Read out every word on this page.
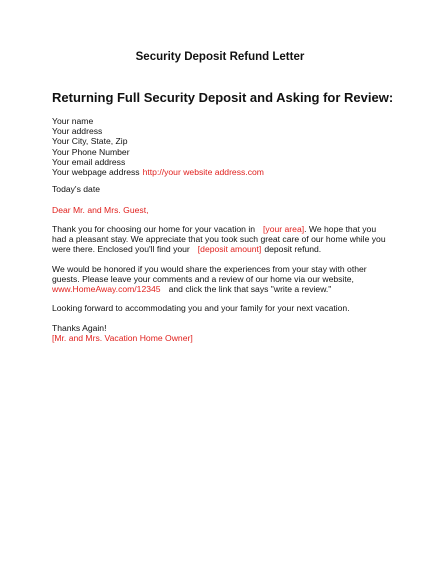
Security Deposit Refund Letter
Returning Full Security Deposit and Asking for Review:
Your name
Your address
Your City, State, Zip
Your Phone Number
Your email address
Your webpage address http://your website address.com
Today's date
Dear Mr. and Mrs. Guest,
Thank you for choosing our home for your vacation in [your area]. We hope that you
had a pleasant stay. We appreciate that you took such great care of our home while you
were there. Enclosed you'll find your [deposit amount] deposit refund.
We would be honored if you would share the experiences from your stay with other
guests. Please leave your comments and a review of our home via our website,
www.HomeAway.com/12345 and click the link that says "write a review."
Looking forward to accommodating you and your family for your next vacation.
Thanks Again!
[Mr. and Mrs. Vacation Home Owner]
